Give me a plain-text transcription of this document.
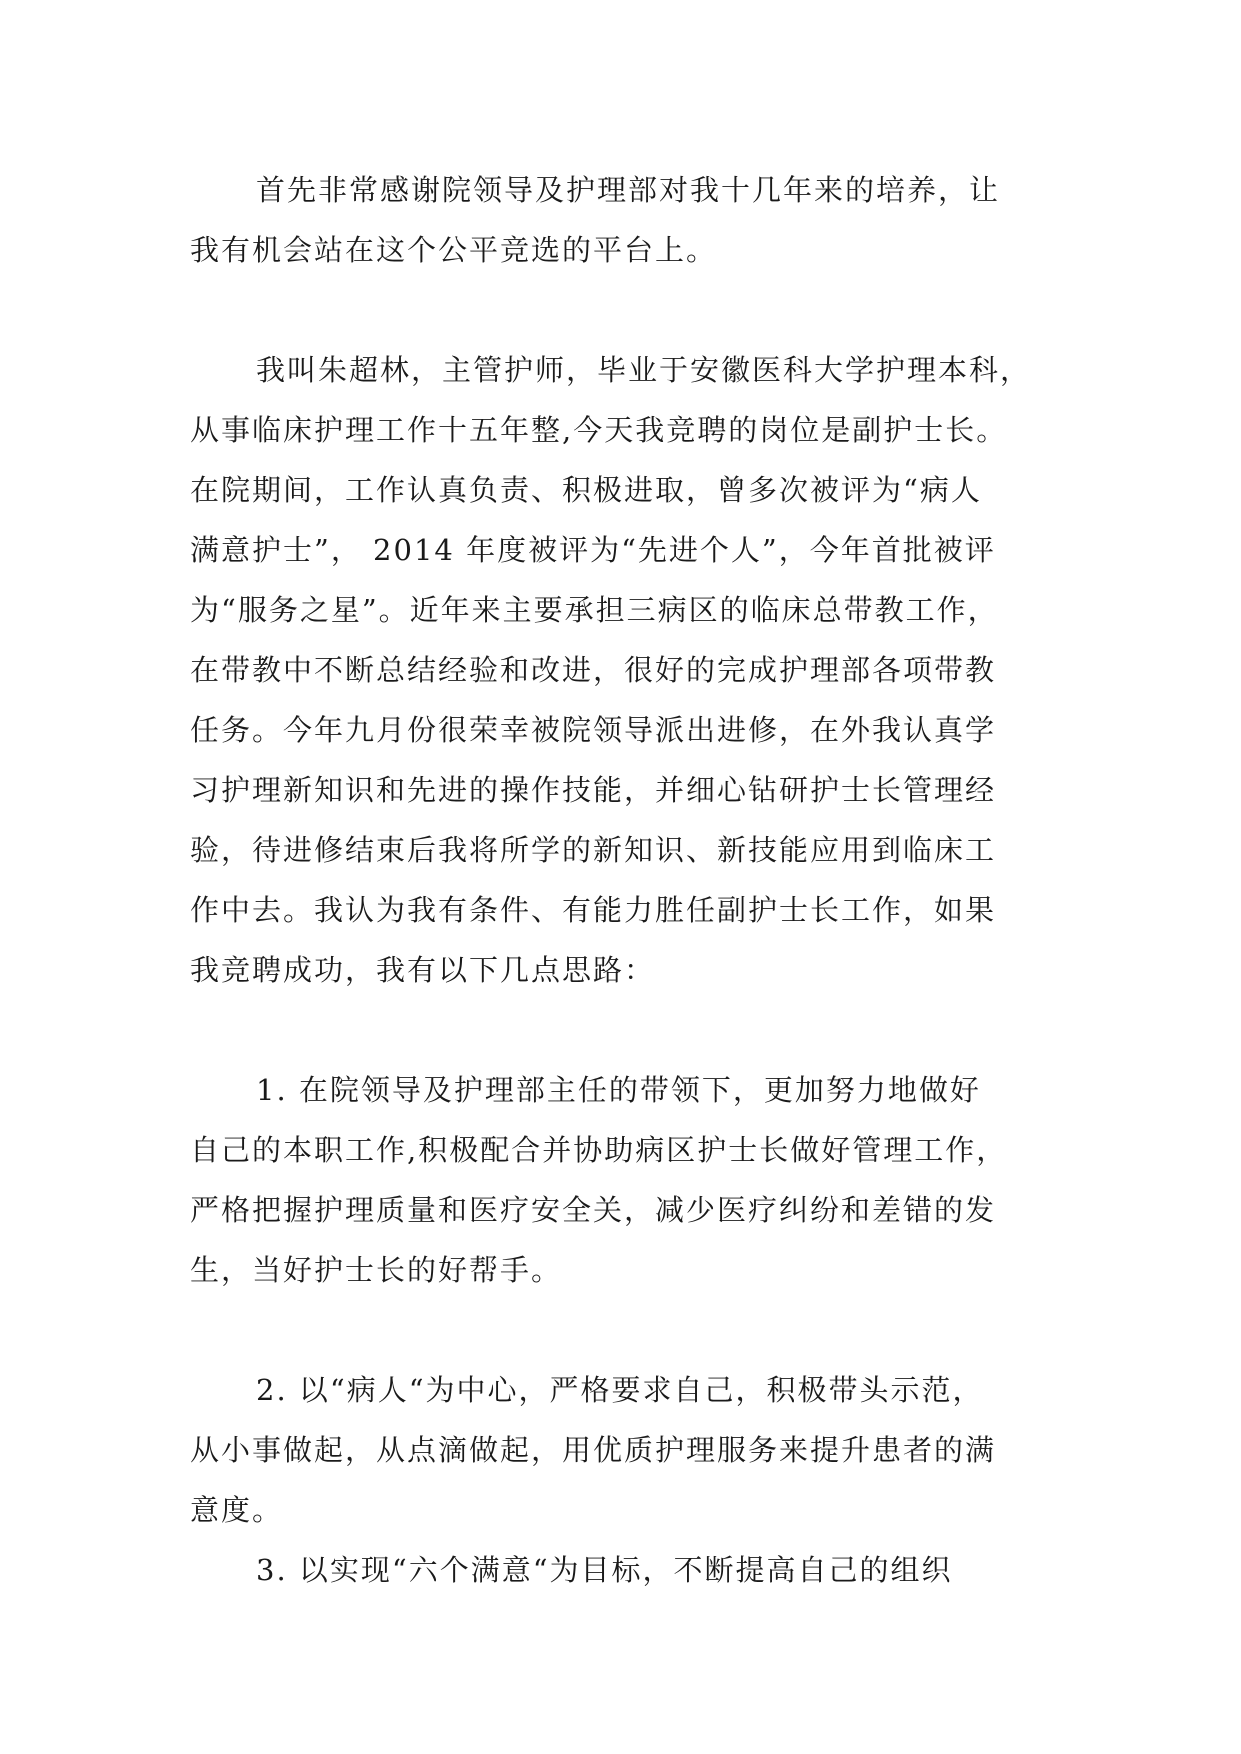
首先非常感谢院领导及护理部对我十几年来的培养，让
我有机会站在这个公平竞选的平台上。

我叫朱超林，主管护师，毕业于安徽医科大学护理本科，
从事临床护理工作十五年整,今天我竞聘的岗位是副护士长。
在院期间，工作认真负责、积极进取，曾多次被评为“病人
满意护士”， 2014 年度被评为“先进个人”，今年首批被评
为“服务之星”。近年来主要承担三病区的临床总带教工作，
在带教中不断总结经验和改进，很好的完成护理部各项带教
任务。今年九月份很荣幸被院领导派出进修，在外我认真学
习护理新知识和先进的操作技能，并细心钻研护士长管理经
验，待进修结束后我将所学的新知识、新技能应用到临床工
作中去。我认为我有条件、有能力胜任副护士长工作，如果
我竞聘成功，我有以下几点思路：

1. 在院领导及护理部主任的带领下，更加努力地做好
自己的本职工作,积极配合并协助病区护士长做好管理工作，
严格把握护理质量和医疗安全关，减少医疗纠纷和差错的发
生，当好护士长的好帮手。

2. 以“病人“为中心，严格要求自己，积极带头示范，
从小事做起，从点滴做起，用优质护理服务来提升患者的满
意度。

3. 以实现“六个满意“为目标，不断提高自己的组织
